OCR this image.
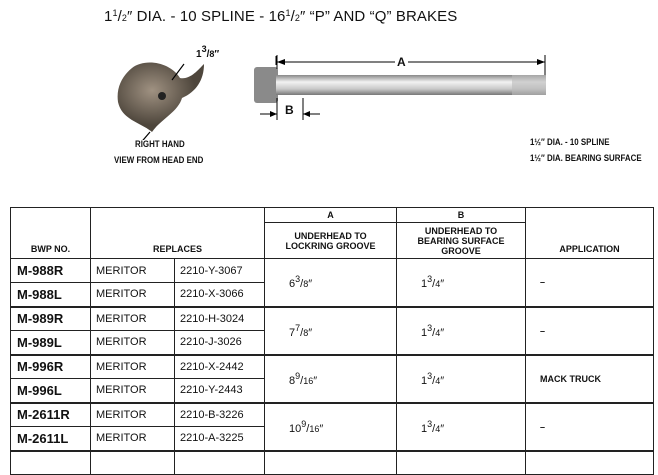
$1^1/2''$ DIA. - 10 SPLINE - $16^1/2''$ “P” AND “Q” BRAKES
13/8″
RIGHT HAND
VIEW FROM HEAD END
A
B
1½″ DIA. - 10 SPLINE
1½″ DIA. BEARING SURFACE
BWP NO.	REPLACES		A	B	APPLICATION
			UNDERHEAD TO LOCKRING GROOVE	UNDERHEAD TO BEARING SURFACE GROOVE	
M-988R	MERITOR	2210-Y-3067	$6^3/8''$	$1^3/4''$	–
M-988L	MERITOR	2210-X-3066			
M-989R	MERITOR	2210-H-3024	$7^7/8''$	$1^3/4''$	–
M-989L	MERITOR	2210-J-3026			
M-996R	MERITOR	2210-X-2442	$8^9/16''$	$1^3/4''$	MACK TRUCK
M-996L	MERITOR	2210-Y-2443			
M-2611R	MERITOR	2210-B-3226	$10^9/16''$	$1^3/4''$	–
M-2611L	MERITOR	2210-A-3225			
